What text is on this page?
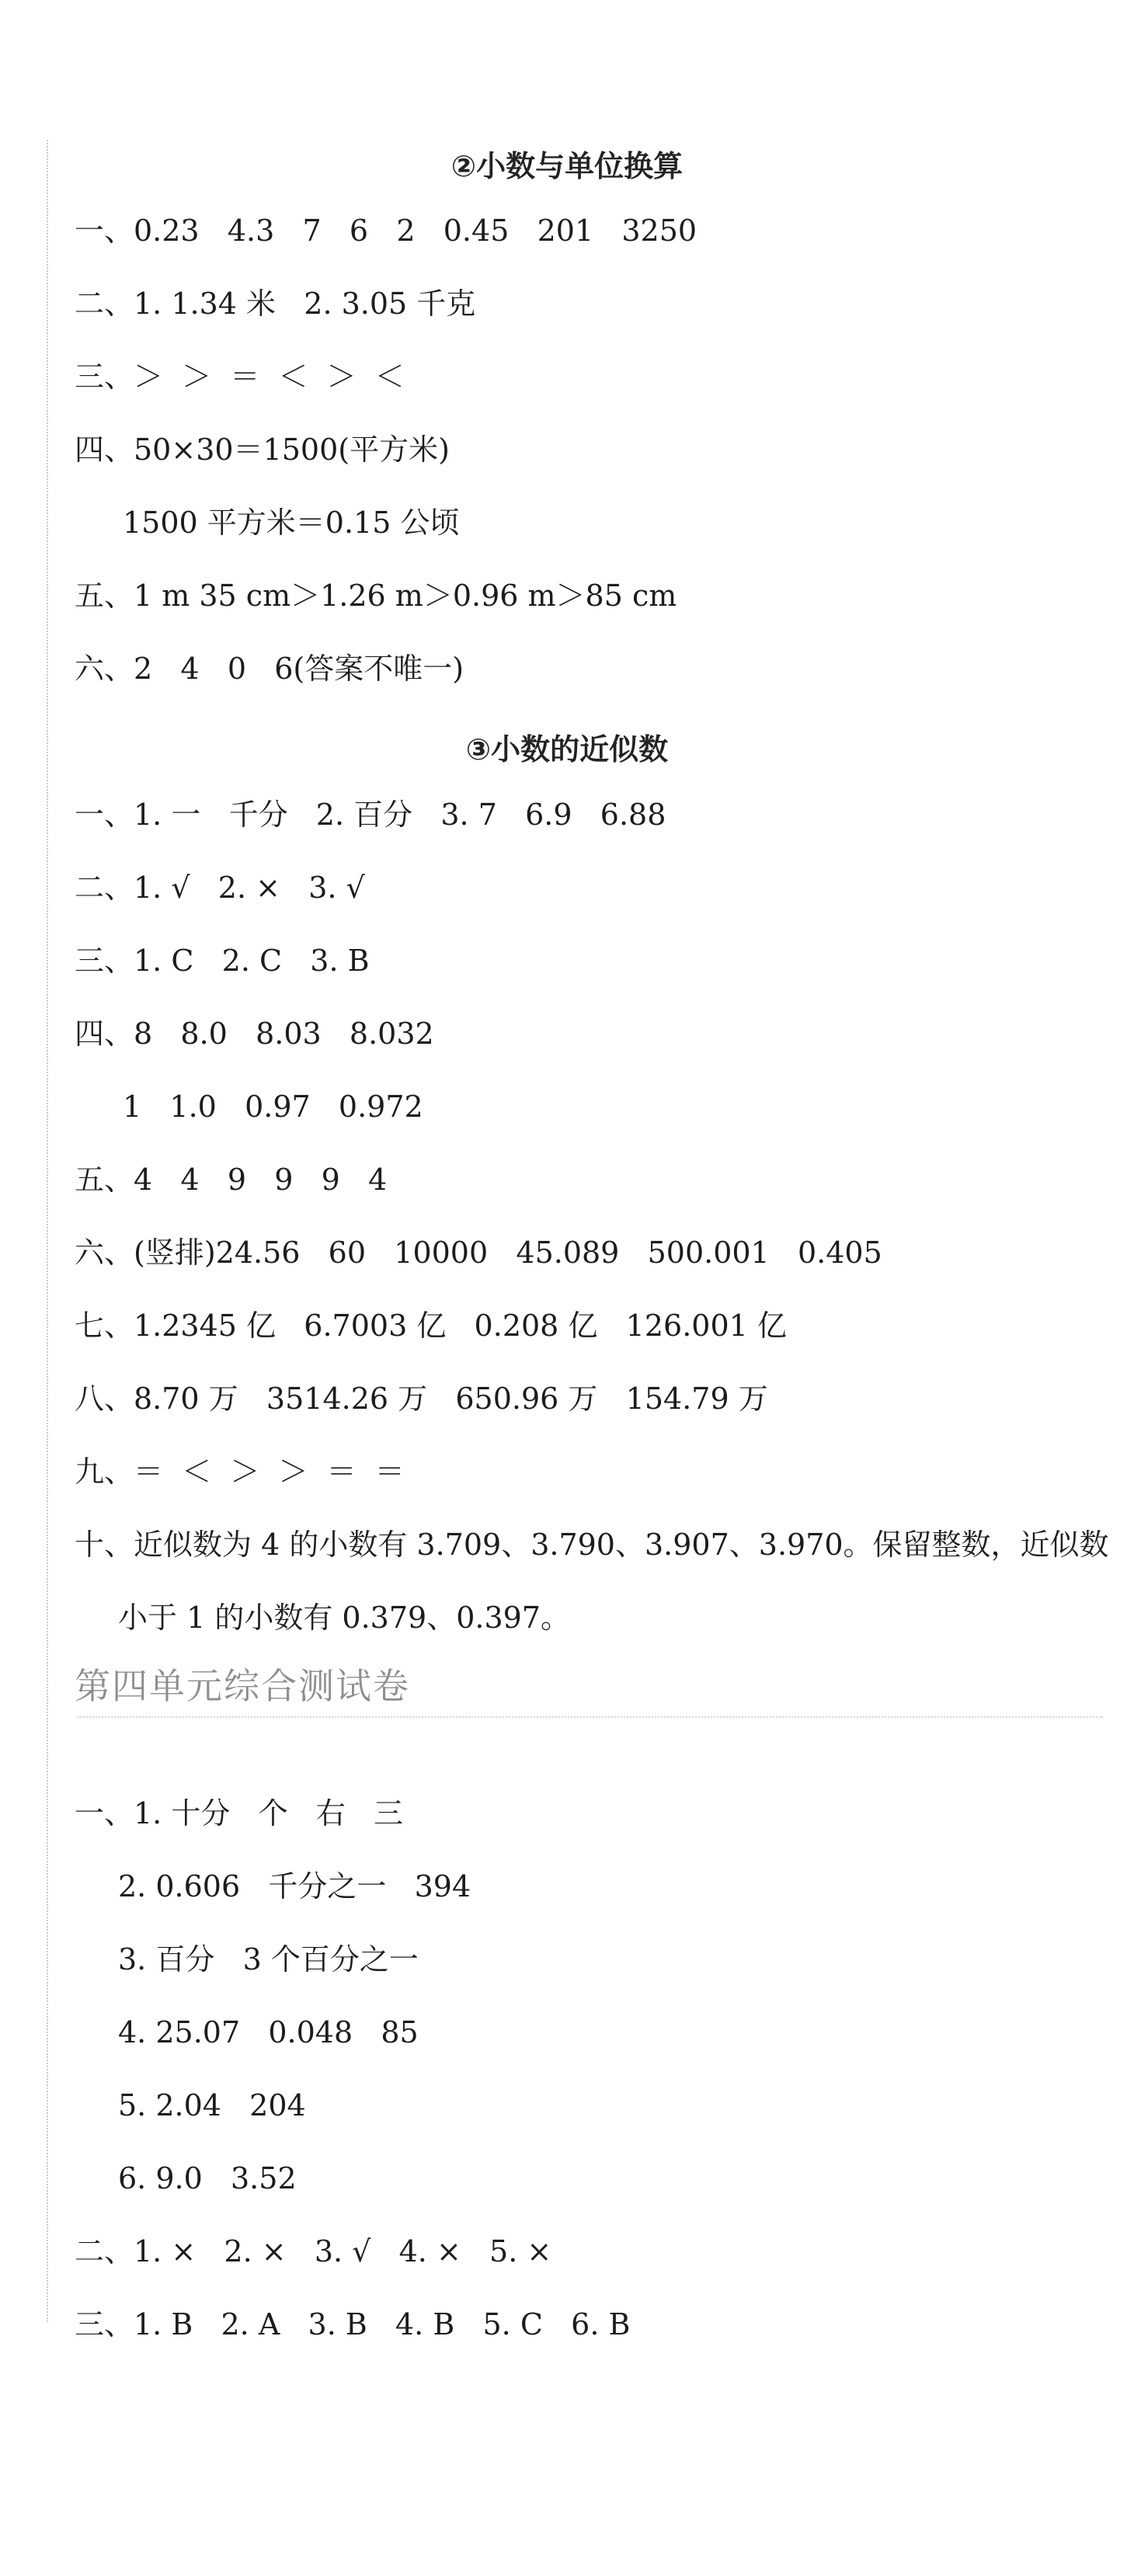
②小数与单位换算
一、0.23   4.3   7   6   2   0.45   201   3250
二、1. 1.34 米   2. 3.05 千克
三、＞  ＞  ＝  ＜  ＞  ＜
四、50×30＝1500(平方米)
1500 平方米＝0.15 公顷
五、1 m 35 cm＞1.26 m＞0.96 m＞85 cm
六、2   4   0   6(答案不唯一)
③小数的近似数
一、1. 一   千分   2. 百分   3. 7   6.9   6.88
二、1. √   2. ×   3. √
三、1. C   2. C   3. B
四、8   8.0   8.03   8.032
1   1.0   0.97   0.972
五、4   4   9   9   9   4
六、(竖排)24.56   60   10000   45.089   500.001   0.405
七、1.2345 亿   6.7003 亿   0.208 亿   126.001 亿
八、8.70 万   3514.26 万   650.96 万   154.79 万
九、＝  ＜  ＞  ＞  ＝  ＝
十、近似数为 4 的小数有 3.709、3.790、3.907、3.970。保留整数，近似数
小于 1 的小数有 0.379、0.397。
第四单元综合测试卷
一、1. 十分   个   右   三
2. 0.606   千分之一   394
3. 百分   3 个百分之一
4. 25.07   0.048   85
5. 2.04   204
6. 9.0   3.52
二、1. ×   2. ×   3. √   4. ×   5. ×
三、1. B   2. A   3. B   4. B   5. C   6. B
